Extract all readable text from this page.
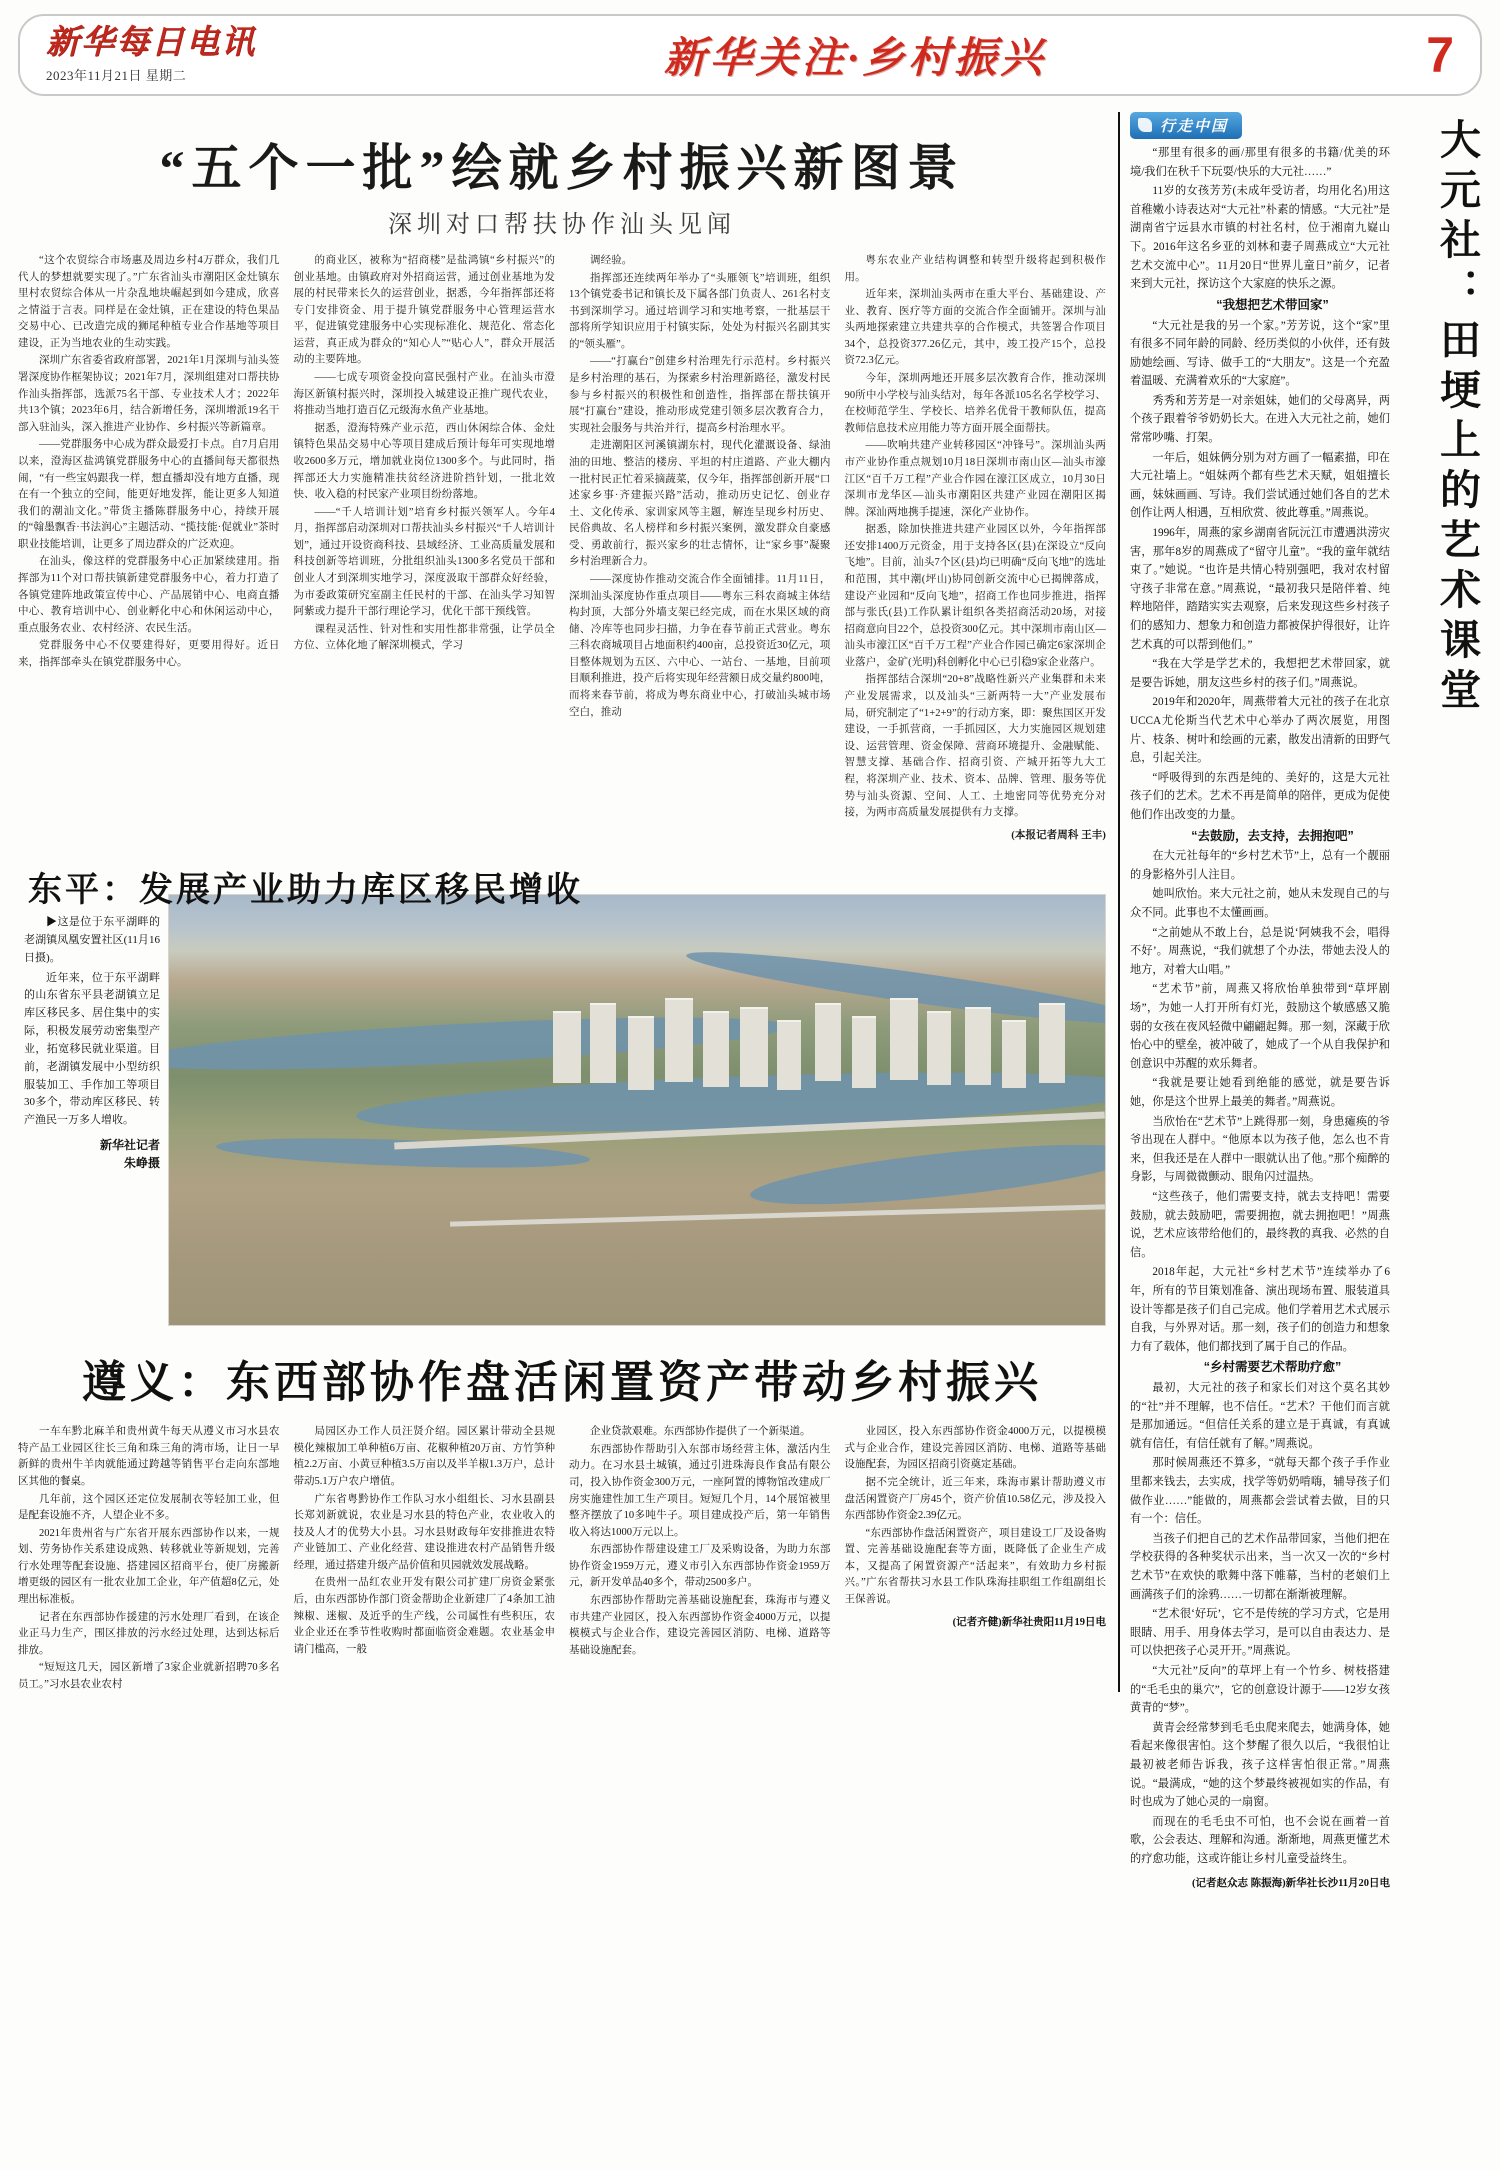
新华每日电讯
2023年11月21日 星期二	新华关注·乡村振兴	7
“五个一批”绘就乡村振兴新图景
深圳对口帮扶协作汕头见闻

“这个农贸综合市场惠及周边乡村4万群众，我们几代人的梦想就要实现了。”广东省汕头市潮阳区金灶镇东里村农贸综合体从一片杂乱地块崛起到如今建成，欣喜之情溢于言表。同样是在金灶镇，正在建设的特色果品交易中心、已改造完成的狮尾种植专业合作基地等项目建设，正为当地农业的生动实践。

深圳广东省委省政府部署，2021年1月深圳与汕头签署深度协作框架协议；2021年7月，深圳组建对口帮扶协作汕头指挥部，选派75名干部、专业技术人才；2022年共13个镇；2023年6月，结合新增任务，深圳增派19名干部入驻汕头，深入推进产业协作、乡村振兴等新篇章。

——党群服务中心成为群众最爱打卡点。自7月启用以来，澄海区盐鸿镇党群服务中心的直播间每天都很热闹，“有一些宝妈跟我一样，想直播却没有地方直播，现在有一个独立的空间，能更好地发挥，能让更多人知道我们的潮汕文化。”带货主播陈群服务中心，持续开展的“翰墨飘香·书法润心”主题活动、“揽技能·促就业”茶时职业技能培训，让更多了周边群众的广泛欢迎。

在汕头，像这样的党群服务中心正加紧续建用。指挥部为11个对口帮扶镇新建党群服务中心，着力打造了各镇党建阵地政策宣传中心、产品展销中心、电商直播中心、教育培训中心、创业孵化中心和休闲运动中心，重点服务农业、农村经济、农民生活。

党群服务中心不仅要建得好，更要用得好。近日来，指挥部牵头在镇党群服务中心。

的商业区，被称为“招商楼”是盐鸿镇“乡村振兴”的创业基地。由镇政府对外招商运营，通过创业基地为发展的村民带来长久的运营创业，据悉，今年指挥部还将专门安排资金、用于提升镇党群服务中心管理运营水平，促进镇党建服务中心实现标准化、规范化、常态化运营，真正成为群众的“知心人”“贴心人”，群众开展活动的主要阵地。

——七成专项资金投向富民强村产业。在汕头市澄海区新镇村振兴时，深圳投入城建设正推广现代农业，将推动当地打造百亿元级海水鱼产业基地。

据悉，澄海特殊产业示范，西山休闲综合体、金灶镇特色果品交易中心等项目建成后预计每年可实现地增收2600多万元，增加就业岗位1300多个。与此同时，指挥部还大力实施精准扶贫经济进阶挡针划，一批北效快、收入稳的村民家产业项目纷纷落地。

——“千人培训计划”培育乡村振兴领军人。今年4月，指挥部启动深圳对口帮扶汕头乡村振兴“千人培训计划”，通过开设资商科技、县域经济、工业高质量发展和科技创新等培训班，分批组织汕头1300多名党员干部和创业人才到深圳实地学习，深度汲取干部群众好经验，为市委政策研究室副主任民村的干部、在汕头学习知智阿紫或力提升干部行理论学习，优化干部干预线管。

课程灵活性、针对性和实用性都非常强，让学员全方位、立体化地了解深圳模式，学习

调经验。

指挥部还连续两年举办了“头雁领飞”培训班，组织13个镇党委书记和镇长及下属各部门负责人、261名村支书到深圳学习。通过培训学习和实地考察，一批基层干部将所学知识应用于村镇实际，处处为村振兴名副其实的“领头雁”。

——“打赢台”创建乡村治理先行示范村。乡村振兴是乡村治理的基石，为探索乡村治理新路径，激发村民参与乡村振兴的积极性和创造性，指挥部在帮扶镇开展“打赢台”建设，推动形成党建引领多层次教育合力，实现社会服务与共治并行，提高乡村治理水平。

走进潮阳区河溪镇湖东村，现代化灌溉设备、绿油油的田地、整洁的楼房、平坦的村庄道路、产业大棚内一批村民正忙着采摘蔬菜，仅今年，指挥部创新开展“口述家乡事·齐建振兴路”活动，推动历史记忆、创业存土、文化传承、家训家风等主题，解连呈现乡村历史、民俗典故、名人榜样和乡村振兴案例，激发群众自豪感受、勇敢前行，振兴家乡的壮志情怀，让“家乡事”凝聚乡村治理新合力。

——深度协作推动交流合作全面铺排。11月11日，深圳汕头深度协作重点项目——粤东三科农商城主体结构封顶，大部分外墙支架已经完成，而在水果区域的商储、冷库等也同步扫描，力争在春节前正式营业。粤东三科农商城项目占地面积约400亩，总投资近30亿元，项目整体规划为五区、六中心、一站台、一基地，目前项目顺利推进，投产后将实现年经营额日成交量约800吨，而将来春节前，将成为粤东商业中心，打破汕头城市场空白，推动

粤东农业产业结构调整和转型升级将起到积极作用。

近年来，深圳汕头两市在重大平台、基础建设、产业、教育、医疗等方面的交流合作全面铺开。深圳与汕头两地探索建立共建共享的合作模式，共签署合作项目34个，总投资377.26亿元，其中，竣工投产15个，总投资72.3亿元。

今年，深圳两地还开展多层次教育合作，推动深圳90所中小学校与汕头结对，每年各派105名名学校学习、在校师范学生、学校长、培养名优骨干教师队伍，提高教师信息技术应用能力等方面开展全面帮扶。

——吹响共建产业转移园区“冲锋号”。深圳汕头两市产业协作重点规划10月18日深圳市南山区—汕头市濠江区“百千万工程”产业合作园在濠江区成立，10月30日深圳市龙华区—汕头市潮阳区共建产业园在潮阳区揭牌。深汕两地携手提速，深化产业协作。

据悉，除加快推进共建产业园区以外，今年指挥部还安排1400万元资金，用于支持各区(县)在深设立“反向飞地”。目前，汕头7个区(县)均已明确“反向飞地”的选址和范围，其中潮(坪山)协同创新交流中心已揭牌落成，建设产业园和“反向飞地”，招商工作也同步推进，指挥部与张氏(县)工作队累计组织各类招商活动20场，对接招商意向目22个，总投资300亿元。其中深圳市南山区—汕头市濠江区“百千万工程”产业合作园已确定6家深圳企业落户，金矿(光明)科创孵化中心已引稳9家企业落户。

指挥部结合深圳“20+8”战略性新兴产业集群和未来产业发展需求，以及汕头“三新两特一大”产业发展布局，研究制定了“1+2+9”的行动方案，即：聚焦国区开发建设，一手抓营商，一手抓园区，大力实施园区规划建设、运营管理、资金保障、营商环境提升、金融赋能、智慧支撑、基础合作、招商引资、产城开拓等九大工程，将深圳产业、技术、资本、品牌、管理、服务等优势与汕头资源、空间、人工、土地密同等优势充分对接，为两市高质量发展提供有力支撑。

(本报记者周科 王丰)
东平：发展产业助力库区移民增收

▶这是位于东平湖畔的老湖镇凤凰安置社区(11月16日摄)。

近年来，位于东平湖畔的山东省东平县老湖镇立足库区移民多、居住集中的实际，积极发展劳动密集型产业，拓宽移民就业渠道。目前，老湖镇发展中小型纺织服装加工、手作加工等项目30多个，带动库区移民、转产渔民一万多人增收。

新华社记者
朱峥摄
遵义：东西部协作盘活闲置资产带动乡村振兴

一车车黔北麻羊和贵州黄牛每天从遵义市习水县农特产品工业园区往长三角和珠三角的湾市场，让日一早新鲜的贵州牛羊肉就能通过跨越等销售平台走向东部地区其他的餐桌。

几年前，这个园区还定位发展制衣等轻加工业，但是配套设施不齐，人望企业不多。

2021年贵州省与广东省开展东西部协作以来，一规划、劳务协作关系建设成熟、转移就业等新规划，完善行水处理等配套设施、搭建园区招商平台，使厂房搬新增更级的园区有一批农业加工企业，年产值超8亿元，处理出标准板。

记者在东西部协作援建的污水处理厂看到，在该企业正马力生产，围区排放的污水经过处理，达到达标后排放。

“短短这几天，园区新增了3家企业就新招聘70多名员工。”习水县农业农村

局园区办工作人员汪贤介绍。园区累计带动全县规模化辣椒加工单种植6万亩、花椒种植20万亩、方竹笋种植2.2万亩、小黄豆种植3.5万亩以及半羊椒1.3万户，总计带动5.1万户农户增值。

广东省粤黔协作工作队习水小组组长、习水县副县长郑刘新就说，农业是习水县的特色产业，农业收入的技及人才的优势大小县。习水县财政每年安排推进农特产业链加工、产业化经营、建设推进农村产品销售升级经理，通过搭建升级产品价值和贝园就效发展战略。

在贵州一品红农业开发有限公司扩建厂房资金紧张后，由东西部协作部门资金帮助企业新建厂了4条加工油辣椒、迷椒、及近乎的生产线，公司属性有些积压，农业企业还在季节性收购时都面临资金难题。农业基金申请门槛高，一般

企业贷款艰难。东西部协作提供了一个新渠道。

东西部协作帮助引入东部市场经营主体，激活内生动力。在习水县土城镇，通过引进珠海良作食品有限公司，投入协作资金300万元，一座阿置的博物馆改建成厂房实施建性加工生产项目。短短几个月，14个展馆被里整齐摆放了10多吨牛子。项目建成投产后，第一年销售收入将达1000万元以上。

东西部协作帮建设建工厂及采购设备，为助力东部协作资金1959万元，遵义市引入东西部协作资金1959万元，新开发单品40多个，带动2500多户。

东西部协作帮助完善基础设施配套，珠海市与遵义市共建产业园区，投入东西部协作资金4000万元，以提模模式与企业合作，建设完善园区消防、电梯、道路等基础设施配套。

业园区，投入东西部协作资金4000万元，以提模模式与企业合作，建设完善园区消防、电梯、道路等基础设施配套，为园区招商引资奠定基础。

据不完全统计，近三年来，珠海市累计帮助遵义市盘活闲置资产厂房45个，资产价值10.58亿元，涉及投入东西部协作资金2.39亿元。

“东西部协作盘活闲置资产，项目建设工厂及设备购置、完善基础设施配套等方面，既降低了企业生产成本，又提高了闲置资源产“活起来”，有效助力乡村振兴。”广东省帮扶习水县工作队珠海挂职组工作组副组长王保善说。

(记者齐健)新华社贵阳11月19日电
行走中国

“那里有很多的画/那里有很多的书籍/优美的环境/我们在秋千下玩耍/快乐的大元社……”

11岁的女孩芳芳(未成年受访者，均用化名)用这首稚嫩小诗表达对“大元社”朴素的情感。“大元社”是湖南省宁远县水市镇的村社名村，位于湘南九嶷山下。2016年这名乡亚的刘林和妻子周燕成立“大元社艺术交流中心”。11月20日“世界儿童日”前夕，记者来到大元社，探访这个大家庭的快乐之源。

“我想把艺术带回家”

“大元社是我的另一个家。”芳芳说，这个“家”里有很多不同年龄的同龄、经历类似的小伙伴，还有鼓励她绘画、写诗、做手工的“大朋友”。这是一个充盈着温暖、充满着欢乐的“大家庭”。

秀秀和芳芳是一对亲姐妹，她们的父母离异，两个孩子跟着爷爷奶奶长大。在进入大元社之前，她们常常吵嘴、打架。

一年后，姐妹俩分别为对方画了一幅素描，印在大元社墙上。“姐妹两个都有些艺术天赋，姐姐擅长画，妹妹画画、写诗。我们尝试通过她们各自的艺术创作让两人相遇，互相欣赏、彼此尊重。”周燕说。

1996年，周燕的家乡湖南省阮沅江市遭遇洪涝灾害，那年8岁的周燕成了“留守儿童”。“我的童年就结束了。”她说。“也许是共情心特别强吧，我对农村留守孩子非常在意。”周燕说，“最初我只是陪伴着、纯粹地陪伴，踏踏实实去观察，后来发现这些乡村孩子们的感知力、想象力和创造力都被保护得很好，让许艺术真的可以帮到他们。”

“我在大学是学艺术的，我想把艺术带回家，就是要告诉她，朋友这些乡村的孩子们。”周燕说。

2019年和2020年，周燕带着大元社的孩子在北京UCCA尤伦斯当代艺术中心举办了两次展览，用图片、枝条、树叶和绘画的元素，散发出清新的田野气息，引起关注。

“呼吸得到的东西是纯的、美好的，这是大元社孩子们的艺术。艺术不再是简单的陪伴，更成为促使他们作出改变的力量。

“去鼓励，去支持，去拥抱吧”

在大元社每年的“乡村艺术节”上，总有一个靓丽的身影格外引人注目。

她叫欣怡。来大元社之前，她从未发现自己的与众不同。此事也不太懂画画。

“之前她从不敢上台，总是说‘阿姨我不会，唱得不好’。周燕说，“我们就想了个办法，带她去没人的地方，对着大山唱。”

“艺术节”前，周燕又将欣怡单独带到“草坪剧场”，为她一人打开所有灯光，鼓励这个敏感感又脆弱的女孩在夜风轻微中翩翩起舞。那一刻，深藏于欣怡心中的壁垒，被冲破了，她成了一个从自我保护和创意识中苏醒的欢乐舞者。

“我就是要让她看到绝能的感觉，就是要告诉她，你是这个世界上最美的舞者。”周燕说。

当欣怡在“艺术节”上跳得那一刻，身患瘫痪的爷爷出现在人群中。“他原本以为孩子他，怎么也不肯来，但我还是在人群中一眼就认出了他。”那个痴醉的身影，与周微微颤动、眼角闪过温热。

“这些孩子，他们需要支持，就去支持吧！需要鼓励，就去鼓励吧，需要拥抱，就去拥抱吧！”周燕说，艺术应该带给他们的，最终教的真我、必然的自信。

2018年起，大元社“乡村艺术节”连续举办了6年，所有的节目策划准备、演出现场布置、服装道具设计等都是孩子们自己完成。他们学着用艺术式展示自我，与外界对话。那一刻，孩子们的创造力和想象力有了载体，他们都找到了属于自己的作品。

“乡村需要艺术帮助疗愈”

最初，大元社的孩子和家长们对这个莫名其妙的“社”并不理解，也不信任。“艺术？干他们而言就是那加通远。“但信任关系的建立是于真诚，有真诚就有信任，有信任就有了解。”周燕说。

那时候周燕还不算多，“就每天都个孩子手作业里都来钱去，去实成，找学等奶奶啃嗨，辅导孩子们做作业……”能做的，周燕都会尝试着去做，目的只有一个：信任。

当孩子们把自己的艺术作品带回家，当他们把在学校获得的各种奖状示出来，当一次又一次的“乡村艺术节”在欢快的歌舞中落下帷幕，当村的老娘们上画满孩子们的涂鸦……一切都在渐渐被理解。

“艺术很‘好玩’，它不是传统的学习方式，它是用眼睛、用手、用身体去学习，是可以自由表达力、是可以快把孩子心灵开开。”周燕说。

“大元社”反向”的草坪上有一个竹乡、树枝搭建的“毛毛虫的巢穴”，它的创意设计源于——12岁女孩黄青的“梦”。

黄青会经常梦到毛毛虫爬来爬去，她满身体，她看起来像很害怕。这个梦醒了很久以后，“我很怕让最初被老师告诉我，孩子这样害怕很正常。”周燕说。“最满成，“她的这个梦最终被视如实的作品，有时也成为了她心灵的一扇窗。

而现在的毛毛虫不可怕，也不会说在画着一首歌，公会表达、理解和沟通。渐渐地，周燕更懂艺术的疗愈功能，这或许能让乡村儿童受益终生。

(记者赵众志 陈振海)新华社长沙11月20日电
大元社：田埂上的艺术课堂
